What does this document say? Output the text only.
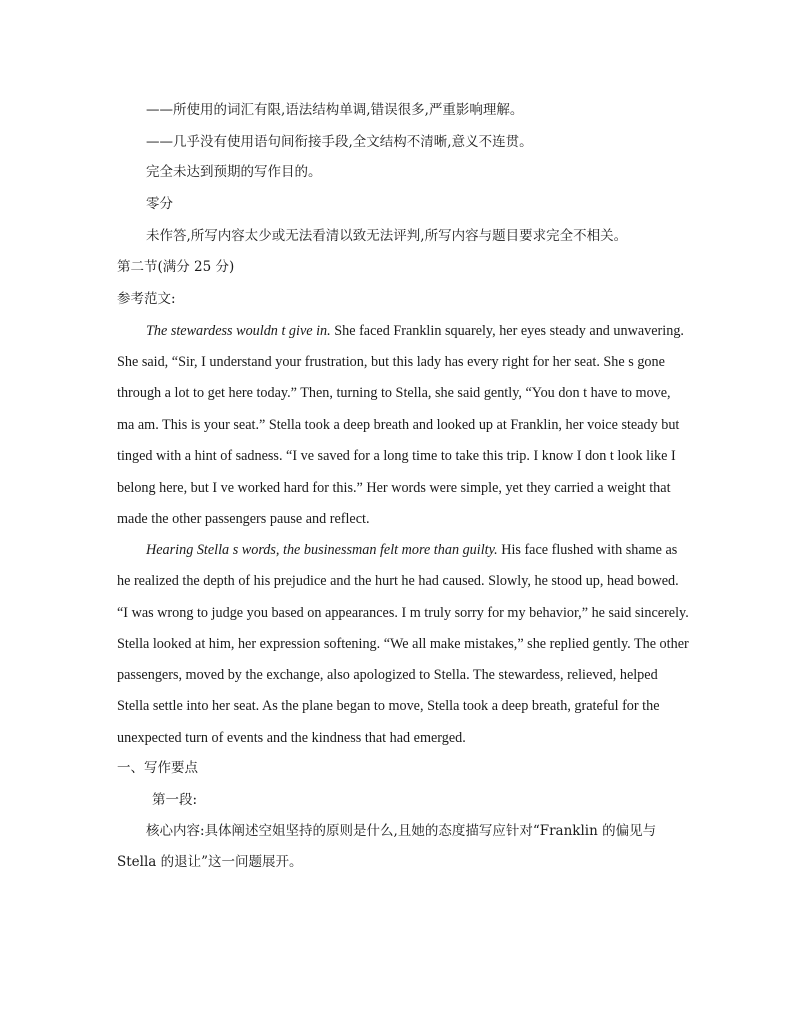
——所使用的词汇有限,语法结构单调,错误很多,严重影响理解。
——几乎没有使用语句间衔接手段,全文结构不清晰,意义不连贯。
完全未达到预期的写作目的。
零分
未作答,所写内容太少或无法看清以致无法评判,所写内容与题目要求完全不相关。
第二节(满分 25 分)
参考范文:
The stewardess wouldn t give in. She faced Franklin squarely, her eyes steady and unwavering.
She said, “Sir, I understand your frustration, but this lady has every right for her seat. She s gone
through a lot to get here today.” Then, turning to Stella, she said gently, “You don t have to move,
ma am. This is your seat.” Stella took a deep breath and looked up at Franklin, her voice steady but
tinged with a hint of sadness. “I ve saved for a long time to take this trip. I know I don t look like I
belong here, but I ve worked hard for this.” Her words were simple, yet they carried a weight that
made the other passengers pause and reflect.
Hearing Stella s words, the businessman felt more than guilty. His face flushed with shame as
he realized the depth of his prejudice and the hurt he had caused. Slowly, he stood up, head bowed.
“I was wrong to judge you based on appearances. I m truly sorry for my behavior,” he said sincerely.
Stella looked at him, her expression softening. “We all make mistakes,” she replied gently. The other
passengers, moved by the exchange, also apologized to Stella. The stewardess, relieved, helped
Stella settle into her seat. As the plane began to move, Stella took a deep breath, grateful for the
unexpected turn of events and the kindness that had emerged.
一、写作要点
第一段:
核心内容:具体阐述空姐坚持的原则是什么,且她的态度描写应针对“Franklin 的偏见与
Stella 的退让”这一问题展开。
